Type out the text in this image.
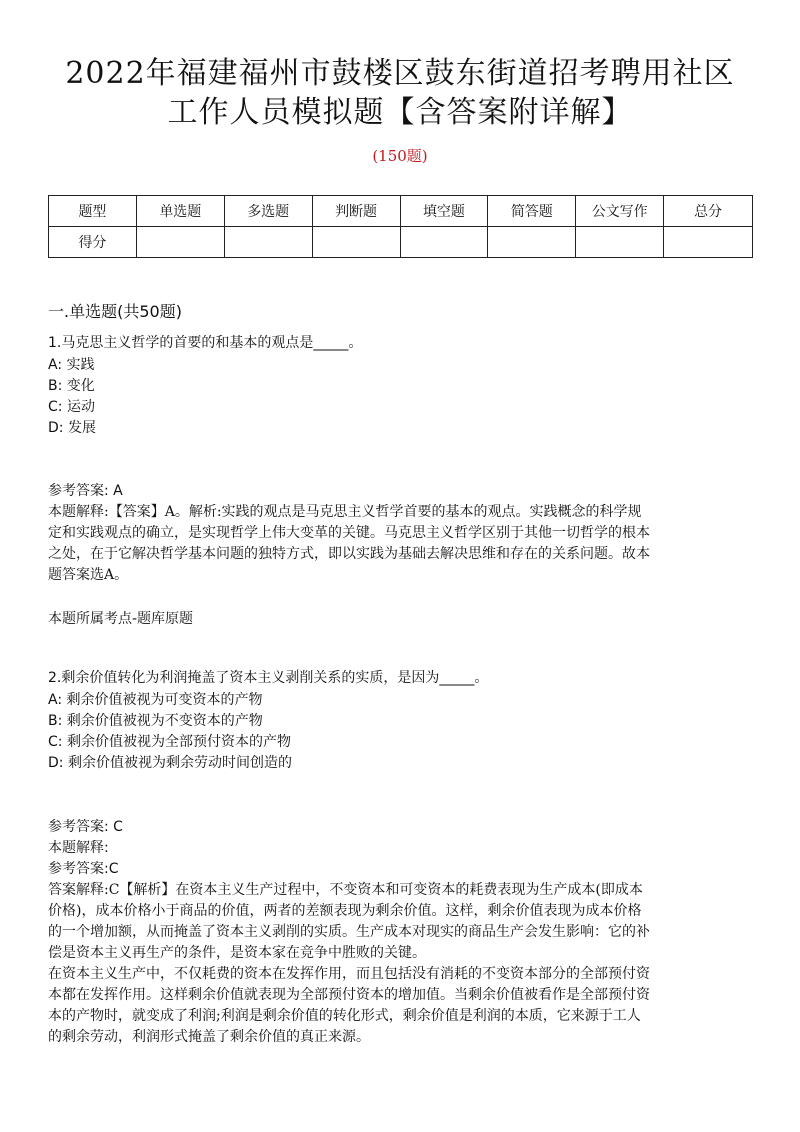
2022年福建福州市鼓楼区鼓东街道招考聘用社区
工作人员模拟题【含答案附详解】
(150题)
题型	单选题	多选题	判断题	填空题	简答题	公文写作	总分
得分							
一.单选题(共50题)
1.马克思主义哲学的首要的和基本的观点是_____。
A: 实践
B: 变化
C: 运动
D: 发展
参考答案: A
本题解释:【答案】A。解析:实践的观点是马克思主义哲学首要的基本的观点。实践概念的科学规
定和实践观点的确立，是实现哲学上伟大变革的关键。马克思主义哲学区别于其他一切哲学的根本
之处，在于它解决哲学基本问题的独特方式，即以实践为基础去解决思维和存在的关系问题。故本
题答案选A。
本题所属考点-题库原题
2.剩余价值转化为利润掩盖了资本主义剥削关系的实质，是因为_____。
A: 剩余价值被视为可变资本的产物
B: 剩余价值被视为不变资本的产物
C: 剩余价值被视为全部预付资本的产物
D: 剩余价值被视为剩余劳动时间创造的
参考答案: C
本题解释:
参考答案:C
答案解释:C【解析】在资本主义生产过程中，不变资本和可变资本的耗费表现为生产成本(即成本
价格)，成本价格小于商品的价值，两者的差额表现为剩余价值。这样，剩余价值表现为成本价格
的一个增加额，从而掩盖了资本主义剥削的实质。生产成本对现实的商品生产会发生影响：它的补
偿是资本主义再生产的条件，是资本家在竞争中胜败的关键。
在资本主义生产中，不仅耗费的资本在发挥作用，而且包括没有消耗的不变资本部分的全部预付资
本都在发挥作用。这样剩余价值就表现为全部预付资本的增加值。当剩余价值被看作是全部预付资
本的产物时，就变成了利润;利润是剩余价值的转化形式，剩余价值是利润的本质，它来源于工人
的剩余劳动，利润形式掩盖了剩余价值的真正来源。
